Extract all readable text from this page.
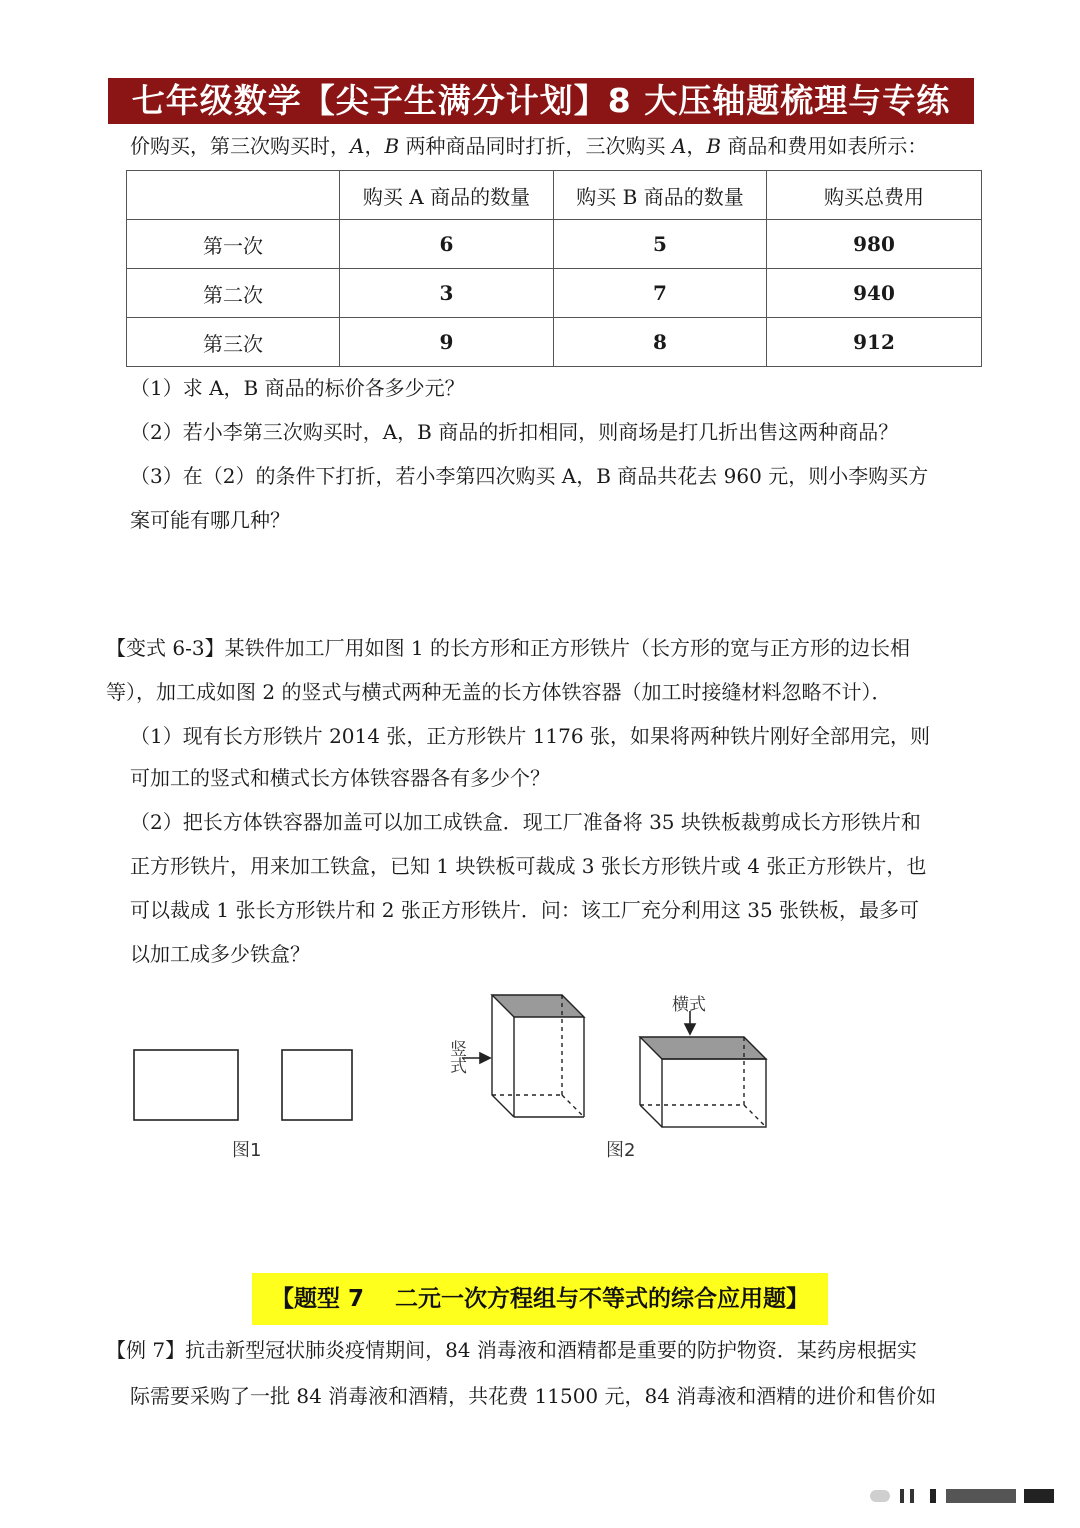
七年级数学【尖子生满分计划】8 大压轴题梳理与专练
价购买，第三次购买时，A，B 两种商品同时打折，三次购买 A，B 商品和费用如表所示：
	购买 A 商品的数量	购买 B 商品的数量	购买总费用
第一次	6	5	980
第二次	3	7	940
第三次	9	8	912
（1）求 A，B 商品的标价各多少元？
（2）若小李第三次购买时，A，B 商品的折扣相同，则商场是打几折出售这两种商品？
（3）在（2）的条件下打折，若小李第四次购买 A，B 商品共花去 960 元，则小李购买方
案可能有哪几种？
【变式 6-3】某铁件加工厂用如图 1 的长方形和正方形铁片（长方形的宽与正方形的边长相
等），加工成如图 2 的竖式与横式两种无盖的长方体铁容器（加工时接缝材料忽略不计）．
（1）现有长方形铁片 2014 张，正方形铁片 1176 张，如果将两种铁片刚好全部用完，则
可加工的竖式和横式长方体铁容器各有多少个？
（2）把长方体铁容器加盖可以加工成铁盒．现工厂准备将 35 块铁板裁剪成长方形铁片和
正方形铁片，用来加工铁盒，已知 1 块铁板可裁成 3 张长方形铁片或 4 张正方形铁片，也
可以裁成 1 张长方形铁片和 2 张正方形铁片．问：该工厂充分利用这 35 张铁板，最多可
以加工成多少铁盒？
图1
竖式
横式
图2
【题型 7　 二元一次方程组与不等式的综合应用题】
【例 7】抗击新型冠状肺炎疫情期间，84 消毒液和酒精都是重要的防护物资．某药房根据实
际需要采购了一批 84 消毒液和酒精，共花费 11500 元，84 消毒液和酒精的进价和售价如
